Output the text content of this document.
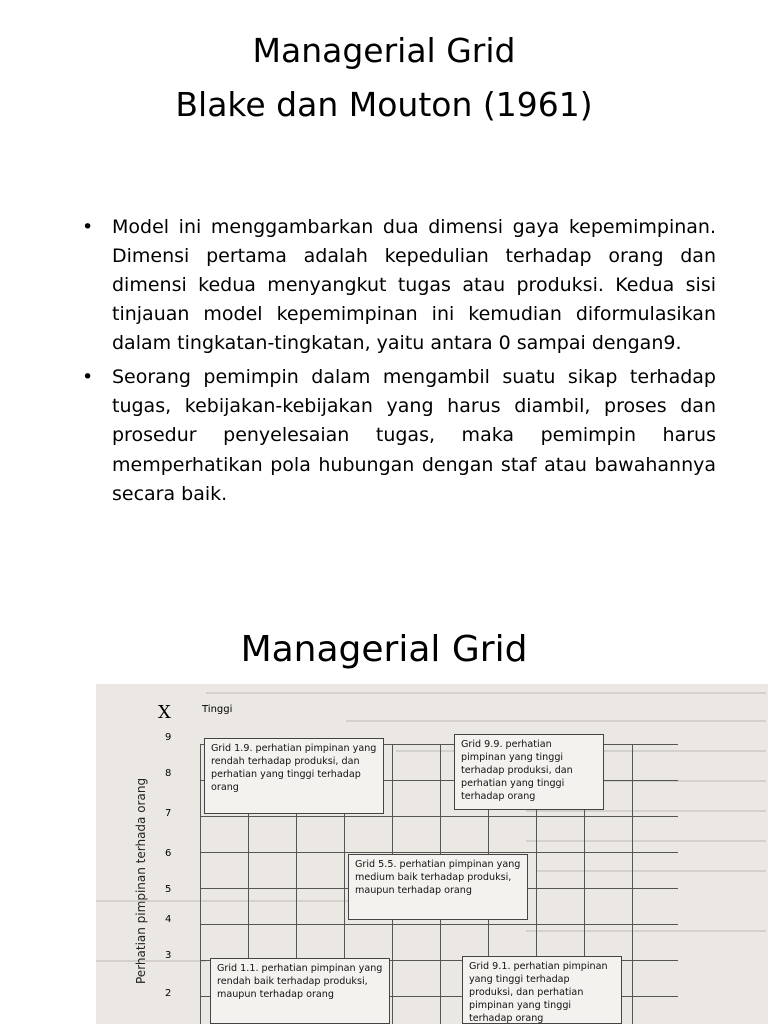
Managerial Grid
Blake dan Mouton (1961)
• Model ini menggambarkan dua dimensi gaya kepemimpinan. Dimensi pertama adalah kepedulian terhadap orang dan dimensi kedua menyangkut tugas atau produksi. Kedua sisi tinjauan model kepemimpinan ini kemudian diformulasikan dalam tingkatan-tingkatan, yaitu antara 0 sampai dengan9.
• Seorang pemimpin dalam mengambil suatu sikap terhadap tugas, kebijakan-kebijakan yang harus diambil, proses dan prosedur penyelesaian tugas, maka pemimpin harus memperhatikan pola hubungan dengan staf atau bawahannya secara baik.
Managerial Grid
X	Tinggi
Perhatian pimpinan terhada orang
9
8
7
6
5
4
3
2
Grid 1.9. perhatian pimpinan yang rendah terhadap produksi, dan perhatian yang tinggi terhadap orang
Grid 9.9. perhatian pimpinan yang tinggi terhadap produksi, dan perhatian yang tinggi terhadap orang
Grid 5.5. perhatian pimpinan yang medium baik terhadap produksi, maupun terhadap orang
Grid 1.1. perhatian pimpinan yang rendah baik terhadap produksi, maupun terhadap orang
Grid 9.1. perhatian pimpinan yang tinggi terhadap produksi, dan perhatian pimpinan yang tinggi terhadap orang
